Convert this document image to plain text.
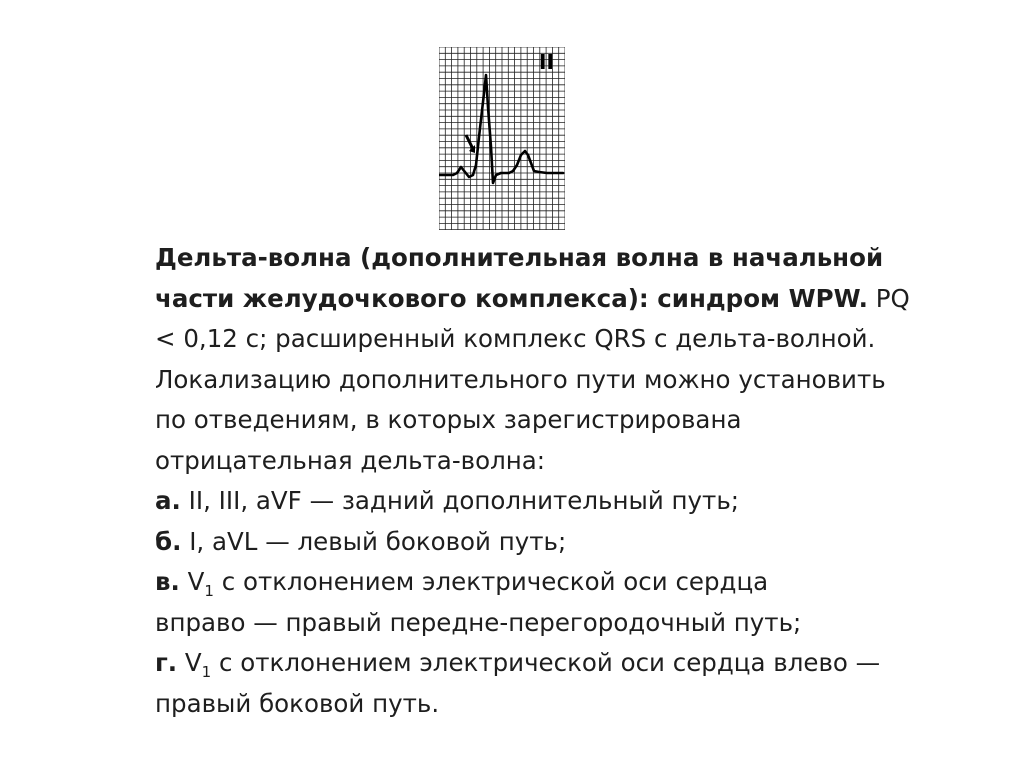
II
Дельта-волна (дополнительная волна в начальной
части желудочкового комплекса): синдром WPW. PQ
< 0,12 с; расширенный комплекс QRS с дельта-волной.
Локализацию дополнительного пути можно установить
по отведениям, в которых зарегистрирована
отрицательная дельта-волна:
а. II, III, aVF — задний дополнительный путь;
б. I, aVL — левый боковой путь;
в. $V_1$ с отклонением электрической оси сердца
вправо — правый передне-перегородочный путь;
г. $V_1$ с отклонением электрической оси сердца влево —
правый боковой путь.
